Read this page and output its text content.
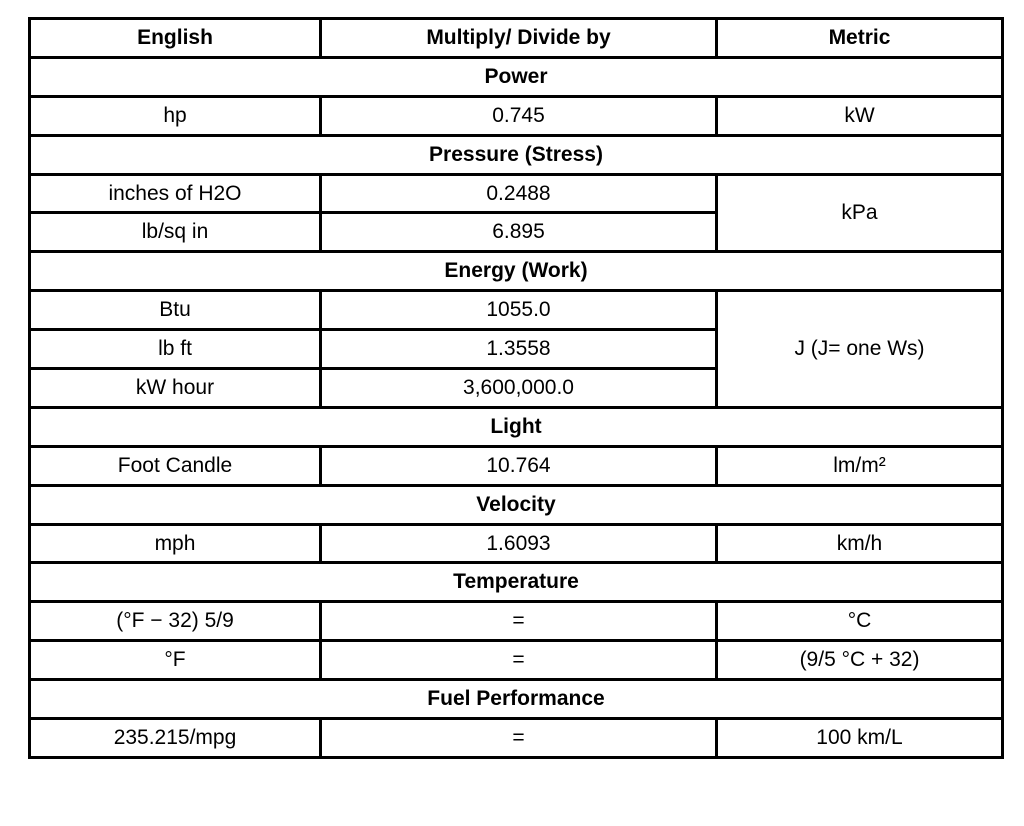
English	Multiply/ Divide by	Metric
Power		
hp	0.745	kW
Pressure (Stress)		
inches of H2O	0.2488	kPa
lb/sq in	6.895	
Energy (Work)		
Btu	1055.0	J (J= one Ws)
lb ft	1.3558	
kW hour	3,600,000.0	
Light		
Foot Candle	10.764	lm/m²
Velocity		
mph	1.6093	km/h
Temperature		
(°F − 32) 5/9	=	°C
°F	=	(9/5 °C + 32)
Fuel Performance		
235.215/mpg	=	100 km/L
